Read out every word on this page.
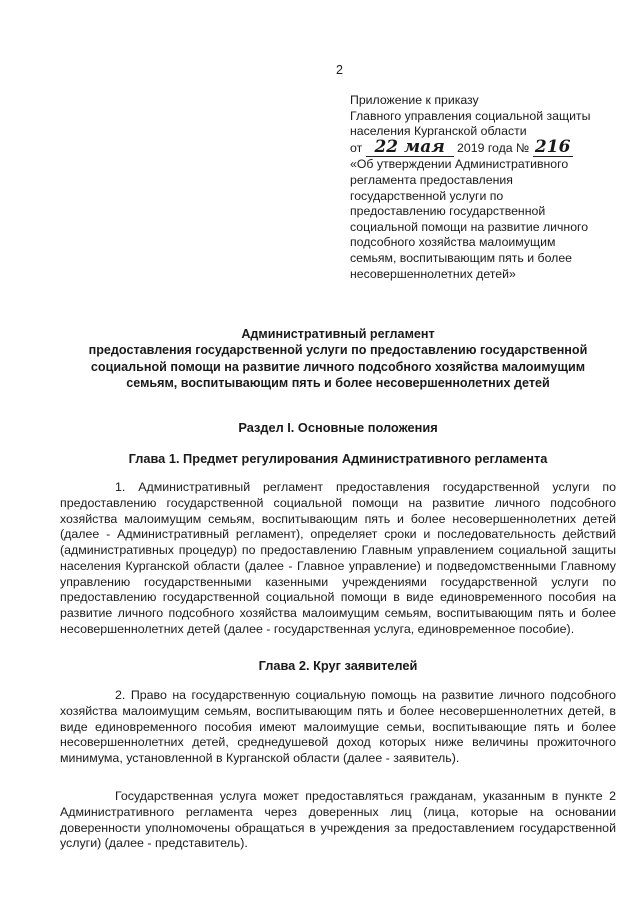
2
Приложение к приказу
Главного управления социальной защиты
населения Курганской области
от 22 мая 2019 года № 216
«Об утверждении Административного
регламента предоставления
государственной услуги по
предоставлению государственной
социальной помощи на развитие личного
подсобного хозяйства малоимущим
семьям, воспитывающим пять и более
несовершеннолетних детей»
Административный регламент
предоставления государственной услуги по предоставлению государственной
социальной помощи на развитие личного подсобного хозяйства малоимущим
семьям, воспитывающим пять и более несовершеннолетних детей
Раздел I. Основные положения
Глава 1. Предмет регулирования Административного регламента
1. Административный регламент предоставления государственной услуги по предоставлению государственной социальной помощи на развитие личного подсобного хозяйства малоимущим семьям, воспитывающим пять и более несовершеннолетних детей (далее - Административный регламент), определяет сроки и последовательность действий (административных процедур) по предоставлению Главным управлением социальной защиты населения Курганской области (далее - Главное управление) и подведомственными Главному управлению государственными казенными учреждениями государственной услуги по предоставлению государственной социальной помощи в виде единовременного пособия на развитие личного подсобного хозяйства малоимущим семьям, воспитывающим пять и более несовершеннолетних детей (далее - государственная услуга, единовременное пособие).
Глава 2. Круг заявителей
2. Право на государственную социальную помощь на развитие личного подсобного хозяйства малоимущим семьям, воспитывающим пять и более несовершеннолетних детей, в виде единовременного пособия имеют малоимущие семьи, воспитывающие пять и более несовершеннолетних детей, среднедушевой доход которых ниже величины прожиточного минимума, установленной в Курганской области (далее - заявитель).
Государственная услуга может предоставляться гражданам, указанным в пункте 2 Административного регламента через доверенных лиц (лица, которые на основании доверенности уполномочены обращаться в учреждения за предоставлением государственной услуги) (далее - представитель).
